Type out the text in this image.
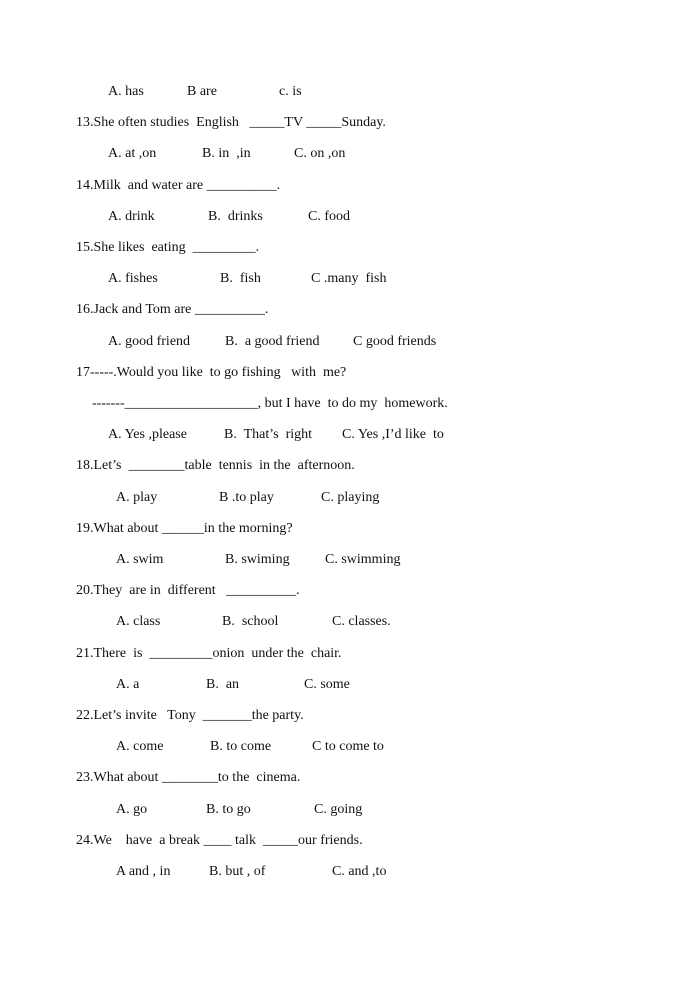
A. has	B are	c. is
13.She often studies  English   _____TV _____Sunday.
A. at ,on	B. in  ,in	C. on ,on
14.Milk  and water are __________.
A. drink	B.  drinks	C. food
15.She likes  eating  _________.
A. fishes	B.  fish	C .many  fish
16.Jack and Tom are __________.
A. good friend B.  a good friend C good friends
17-----.Would you like  to go fishing   with  me?
-------___________________, but I have  to do my  homework.
A. Yes ,please	B.  That’s  right C. Yes ,I’d like  to
18.Let’s  ________table  tennis  in the  afternoon.
A. play	B .to play	C. playing
19.What about ______in the morning?
A. swim	B. swiming	C. swimming
20.They  are in  different   __________.
A. class	B.  school	C. classes.
21.There  is  _________onion  under the  chair.
A. a	B.  an	C. some
22.Let’s invite   Tony  _______the party.
A. come	B. to come	C to come to
23.What about ________to the  cinema.
A. go	B. to go	C. going
24.We    have  a break ____ talk  _____our friends.
A and , in	B. but , of	C. and ,to
